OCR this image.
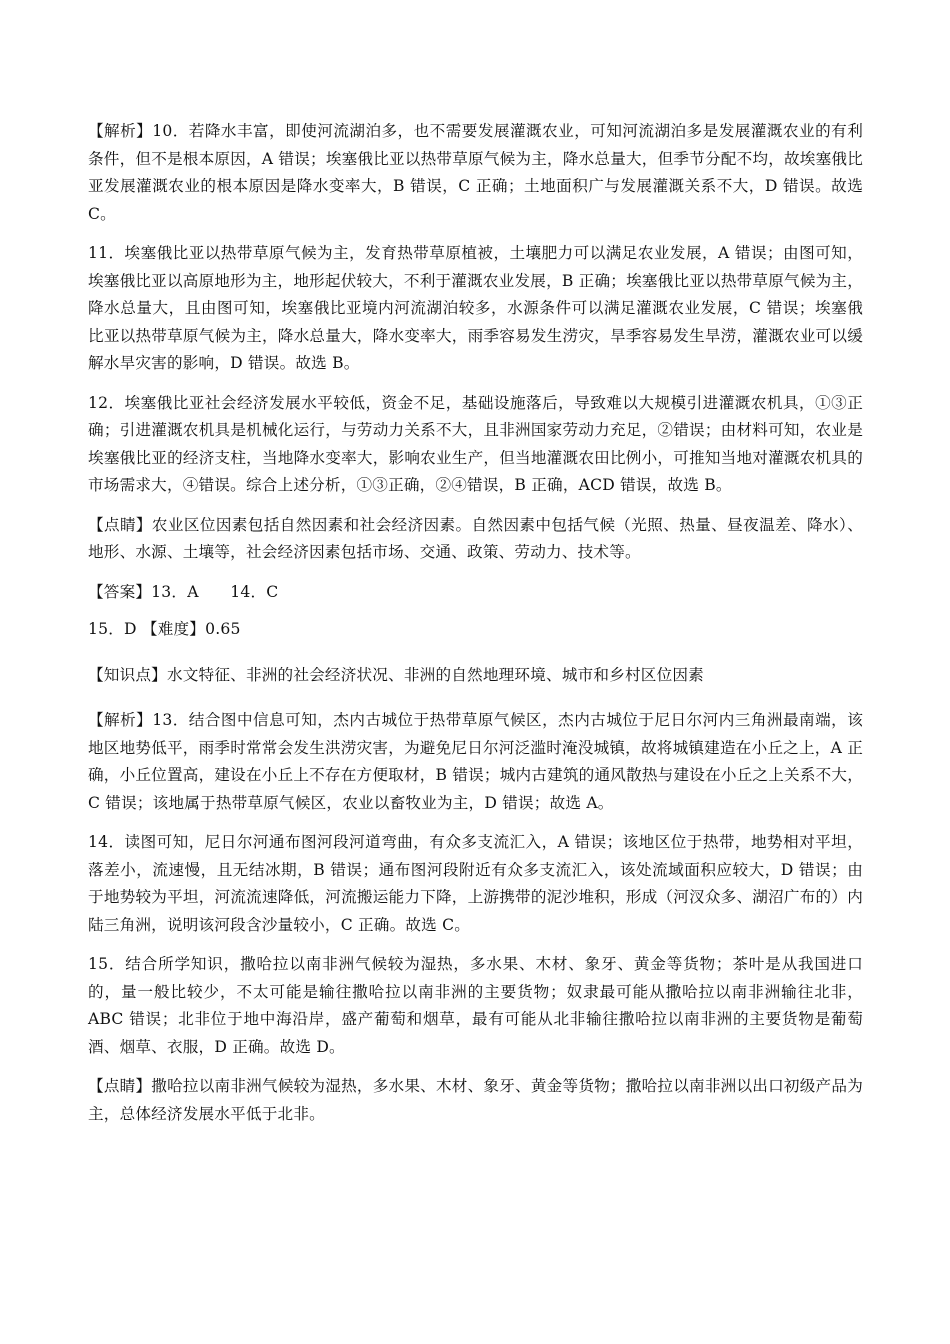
【解析】10．若降水丰富，即使河流湖泊多，也不需要发展灌溉农业，可知河流湖泊多是发展灌溉农业的有利条件，但不是根本原因，A 错误；埃塞俄比亚以热带草原气候为主，降水总量大，但季节分配不均，故埃塞俄比亚发展灌溉农业的根本原因是降水变率大，B 错误，C 正确；土地面积广与发展灌溉关系不大，D 错误。故选 C。

11．埃塞俄比亚以热带草原气候为主，发育热带草原植被，土壤肥力可以满足农业发展，A 错误；由图可知，埃塞俄比亚以高原地形为主，地形起伏较大，不利于灌溉农业发展，B 正确；埃塞俄比亚以热带草原气候为主，降水总量大，且由图可知，埃塞俄比亚境内河流湖泊较多，水源条件可以满足灌溉农业发展，C 错误；埃塞俄比亚以热带草原气候为主，降水总量大，降水变率大，雨季容易发生涝灾，旱季容易发生旱涝，灌溉农业可以缓解水旱灾害的影响，D 错误。故选 B。

12．埃塞俄比亚社会经济发展水平较低，资金不足，基础设施落后，导致难以大规模引进灌溉农机具，①③正确；引进灌溉农机具是机械化运行，与劳动力关系不大，且非洲国家劳动力充足，②错误；由材料可知，农业是埃塞俄比亚的经济支柱，当地降水变率大，影响农业生产，但当地灌溉农田比例小，可推知当地对灌溉农机具的市场需求大，④错误。综合上述分析，①③正确，②④错误，B 正确，ACD 错误，故选 B。

【点睛】农业区位因素包括自然因素和社会经济因素。自然因素中包括气候（光照、热量、昼夜温差、降水）、地形、水源、土壤等，社会经济因素包括市场、交通、政策、劳动力、技术等。

【答案】13．A　　14．C

15．D 【难度】0.65

【知识点】水文特征、非洲的社会经济状况、非洲的自然地理环境、城市和乡村区位因素

【解析】13．结合图中信息可知，杰内古城位于热带草原气候区，杰内古城位于尼日尔河内三角洲最南端，该地区地势低平，雨季时常常会发生洪涝灾害，为避免尼日尔河泛滥时淹没城镇，故将城镇建造在小丘之上，A 正确，小丘位置高，建设在小丘上不存在方便取材，B 错误；城内古建筑的通风散热与建设在小丘之上关系不大，C 错误；该地属于热带草原气候区，农业以畜牧业为主，D 错误；故选 A。

14．读图可知，尼日尔河通布图河段河道弯曲，有众多支流汇入，A 错误；该地区位于热带，地势相对平坦，落差小，流速慢，且无结冰期，B 错误；通布图河段附近有众多支流汇入，该处流域面积应较大，D 错误；由于地势较为平坦，河流流速降低，河流搬运能力下降，上游携带的泥沙堆积，形成（河汊众多、湖沼广布的）内陆三角洲，说明该河段含沙量较小，C 正确。故选 C。

15．结合所学知识，撒哈拉以南非洲气候较为湿热，多水果、木材、象牙、黄金等货物；茶叶是从我国进口的，量一般比较少，不太可能是输往撒哈拉以南非洲的主要货物；奴隶最可能从撒哈拉以南非洲输往北非，ABC 错误；北非位于地中海沿岸，盛产葡萄和烟草，最有可能从北非输往撒哈拉以南非洲的主要货物是葡萄酒、烟草、衣服，D 正确。故选 D。

【点睛】撒哈拉以南非洲气候较为湿热，多水果、木材、象牙、黄金等货物；撒哈拉以南非洲以出口初级产品为主，总体经济发展水平低于北非。
